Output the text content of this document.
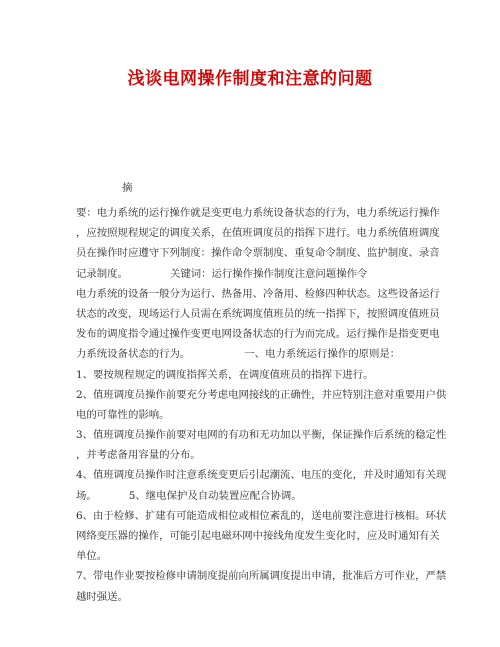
浅谈电网操作制度和注意的问题
摘
要：电力系统的运行操作就是变更电力系统设备状态的行为，电力系统运行操作
，应按照规程规定的调度关系，在值班调度员的指挥下进行。电力系统值班调度
员在操作时应遵守下列制度：操作命令票制度、重复命令制度、监护制度、录音
记录制度。	关键词：运行操作操作制度注意问题操作令
电力系统的设备一般分为运行、热备用、冷备用、检修四种状态。这些设备运行
状态的改变，现场运行人员需在系统调度值班员的统一指挥下，按照调度值班员
发布的调度指令通过操作变更电网设备状态的行为而完成。运行操作是指变更电
力系统设备状态的行为。	一、电力系统运行操作的原则是：
1、要按规程规定的调度指挥关系，在调度值班员的指挥下进行。
2、值班调度员操作前要充分考虑电网接线的正确性，并应特别注意对重要用户供
电的可靠性的影响。
3、值班调度员操作前要对电网的有功和无功加以平衡，保证操作后系统的稳定性
，并考虑备用容量的分布。
4、值班调度员操作时注意系统变更后引起潮流、电压的变化，并及时通知有关现
场。	5、继电保护及自动装置应配合协调。
6、由于检修、扩建有可能造成相位或相位紊乱的，送电前要注意进行核相。环状
网络变压器的操作，可能引起电磁环网中接线角度发生变化时，应及时通知有关
单位。
7、带电作业要按检修申请制度提前向所属调度提出申请，批准后方可作业，严禁
越时强送。
